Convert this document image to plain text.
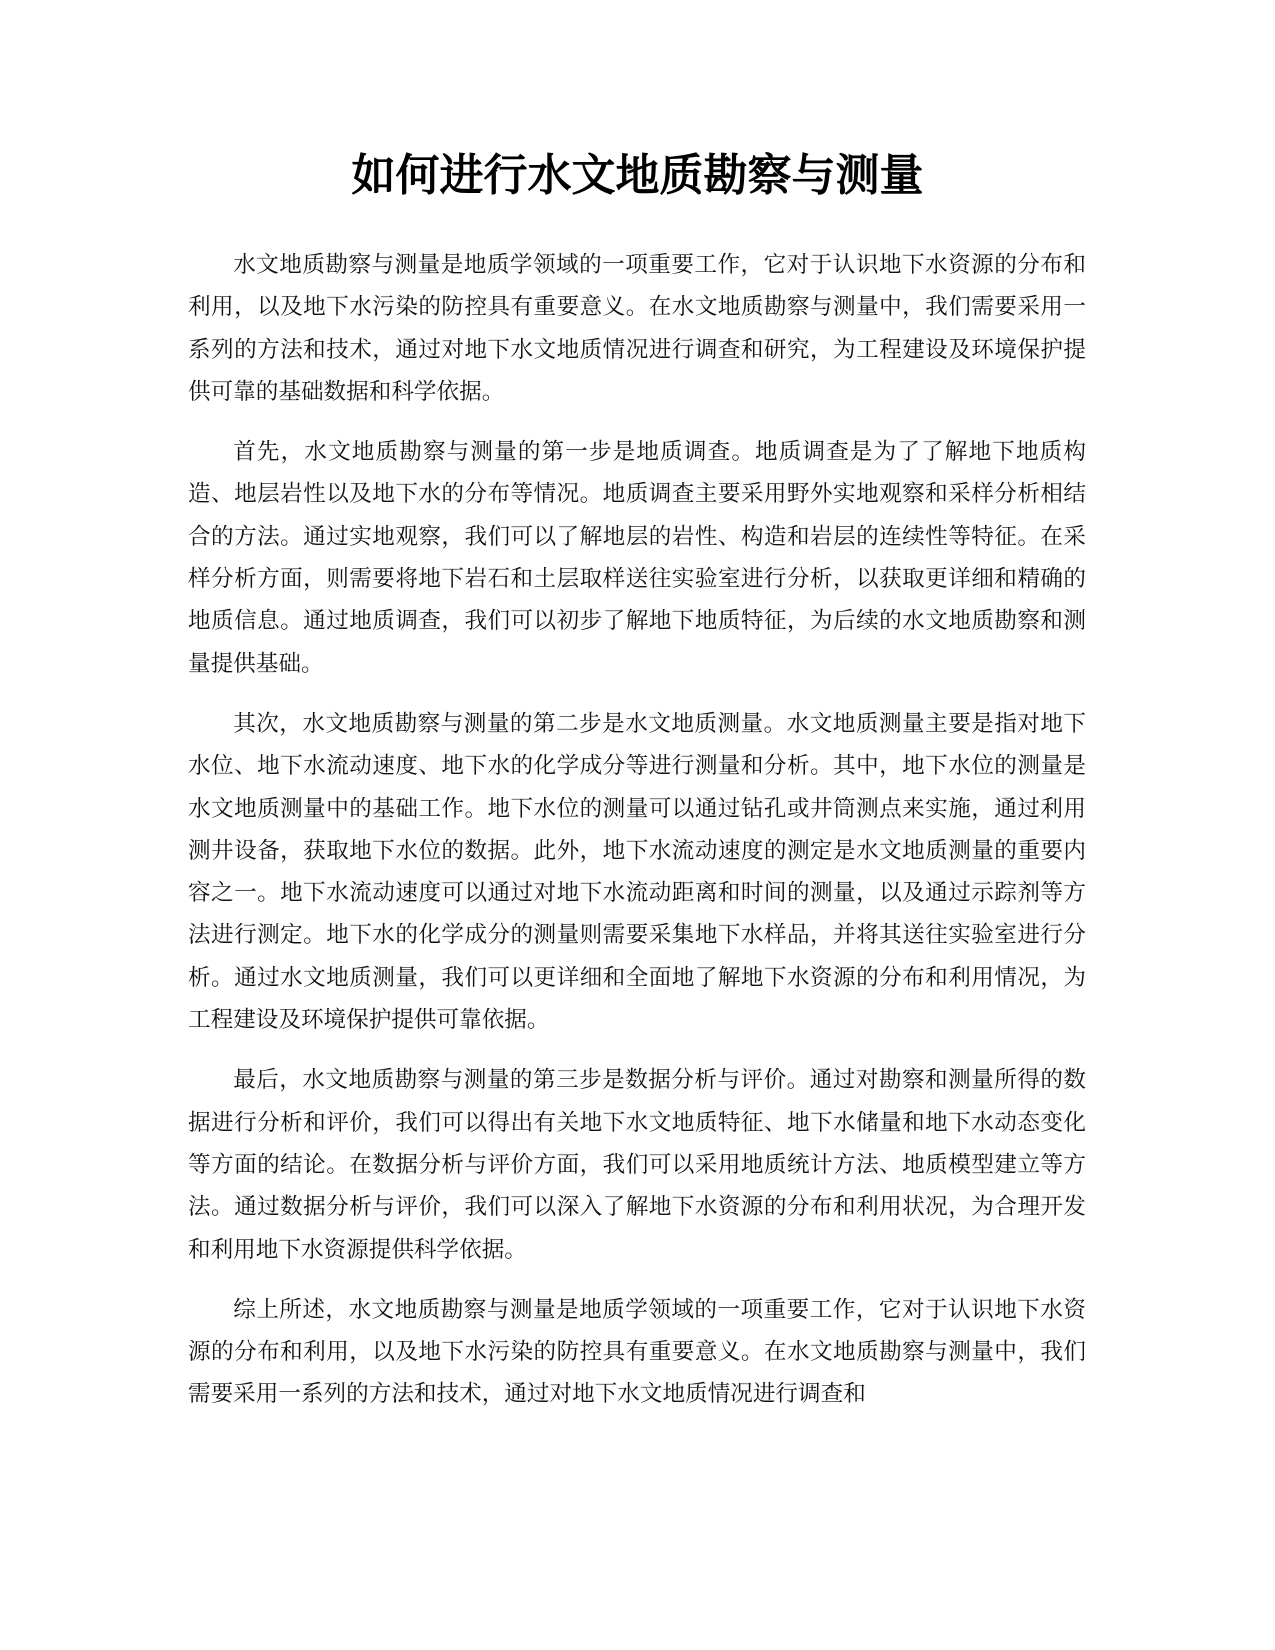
如何进行水文地质勘察与测量

水文地质勘察与测量是地质学领域的一项重要工作，它对于认识地下水资源的分布和利用，以及地下水污染的防控具有重要意义。在水文地质勘察与测量中，我们需要采用一系列的方法和技术，通过对地下水文地质情况进行调查和研究，为工程建设及环境保护提供可靠的基础数据和科学依据。

首先，水文地质勘察与测量的第一步是地质调查。地质调查是为了了解地下地质构造、地层岩性以及地下水的分布等情况。地质调查主要采用野外实地观察和采样分析相结合的方法。通过实地观察，我们可以了解地层的岩性、构造和岩层的连续性等特征。在采样分析方面，则需要将地下岩石和土层取样送往实验室进行分析，以获取更详细和精确的地质信息。通过地质调查，我们可以初步了解地下地质特征，为后续的水文地质勘察和测量提供基础。

其次，水文地质勘察与测量的第二步是水文地质测量。水文地质测量主要是指对地下水位、地下水流动速度、地下水的化学成分等进行测量和分析。其中，地下水位的测量是水文地质测量中的基础工作。地下水位的测量可以通过钻孔或井筒测点来实施，通过利用测井设备，获取地下水位的数据。此外，地下水流动速度的测定是水文地质测量的重要内容之一。地下水流动速度可以通过对地下水流动距离和时间的测量，以及通过示踪剂等方法进行测定。地下水的化学成分的测量则需要采集地下水样品，并将其送往实验室进行分析。通过水文地质测量，我们可以更详细和全面地了解地下水资源的分布和利用情况，为工程建设及环境保护提供可靠依据。

最后，水文地质勘察与测量的第三步是数据分析与评价。通过对勘察和测量所得的数据进行分析和评价，我们可以得出有关地下水文地质特征、地下水储量和地下水动态变化等方面的结论。在数据分析与评价方面，我们可以采用地质统计方法、地质模型建立等方法。通过数据分析与评价，我们可以深入了解地下水资源的分布和利用状况，为合理开发和利用地下水资源提供科学依据。

综上所述，水文地质勘察与测量是地质学领域的一项重要工作，它对于认识地下水资源的分布和利用，以及地下水污染的防控具有重要意义。在水文地质勘察与测量中，我们需要采用一系列的方法和技术，通过对地下水文地质情况进行调查和
